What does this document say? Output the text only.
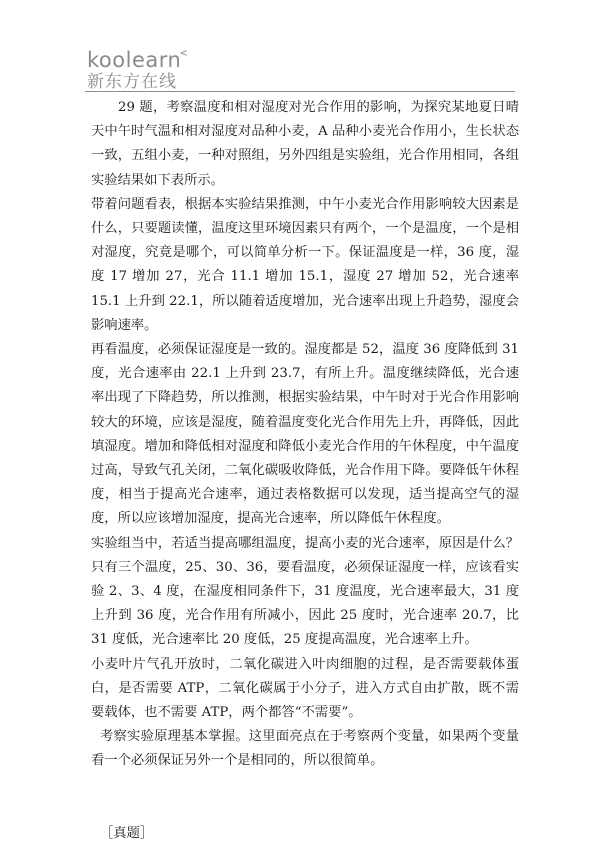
koolearn
<
新东方在线

29 题，考察温度和相对湿度对光合作用的影响，为探究某地夏日晴天中午时气温和相对湿度对品种小麦，A 品种小麦光合作用小，生长状态一致，五组小麦，一种对照组，另外四组是实验组，光合作用相同，各组实验结果如下表所示。

带着问题看表，根据本实验结果推测，中午小麦光合作用影响较大因素是什么，只要题读懂，温度这里环境因素只有两个，一个是温度，一个是相对湿度，究竟是哪个，可以简单分析一下。保证温度是一样，36 度，湿度 17 增加 27，光合 11.1 增加 15.1，湿度 27 增加 52，光合速率 15.1 上升到 22.1，所以随着适度增加，光合速率出现上升趋势，湿度会影响速率。

再看温度，必须保证湿度是一致的。湿度都是 52，温度 36 度降低到 31 度，光合速率由 22.1 上升到 23.7，有所上升。温度继续降低，光合速率出现了下降趋势，所以推测，根据实验结果，中午时对于光合作用影响较大的环境，应该是湿度，随着温度变化光合作用先上升，再降低，因此填湿度。增加和降低相对湿度和降低小麦光合作用的午休程度，中午温度过高，导致气孔关闭，二氧化碳吸收降低，光合作用下降。要降低午休程度，相当于提高光合速率，通过表格数据可以发现，适当提高空气的湿度，所以应该增加湿度，提高光合速率，所以降低午休程度。

实验组当中，若适当提高哪组温度，提高小麦的光合速率，原因是什么？只有三个温度，25、30、36，要看温度，必须保证湿度一样，应该看实验 2、3、4 度，在湿度相同条件下，31 度温度，光合速率最大，31 度上升到 36 度，光合作用有所减小，因此 25 度时，光合速率 20.7，比 31 度低，光合速率比 20 度低，25 度提高温度，光合速率上升。

小麦叶片气孔开放时，二氧化碳进入叶肉细胞的过程，是否需要载体蛋白，是否需要 ATP，二氧化碳属于小分子，进入方式自由扩散，既不需要载体，也不需要 ATP，两个都答“不需要”。

考察实验原理基本掌握。这里面亮点在于考察两个变量，如果两个变量看一个必须保证另外一个是相同的，所以很简单。

［真题］
